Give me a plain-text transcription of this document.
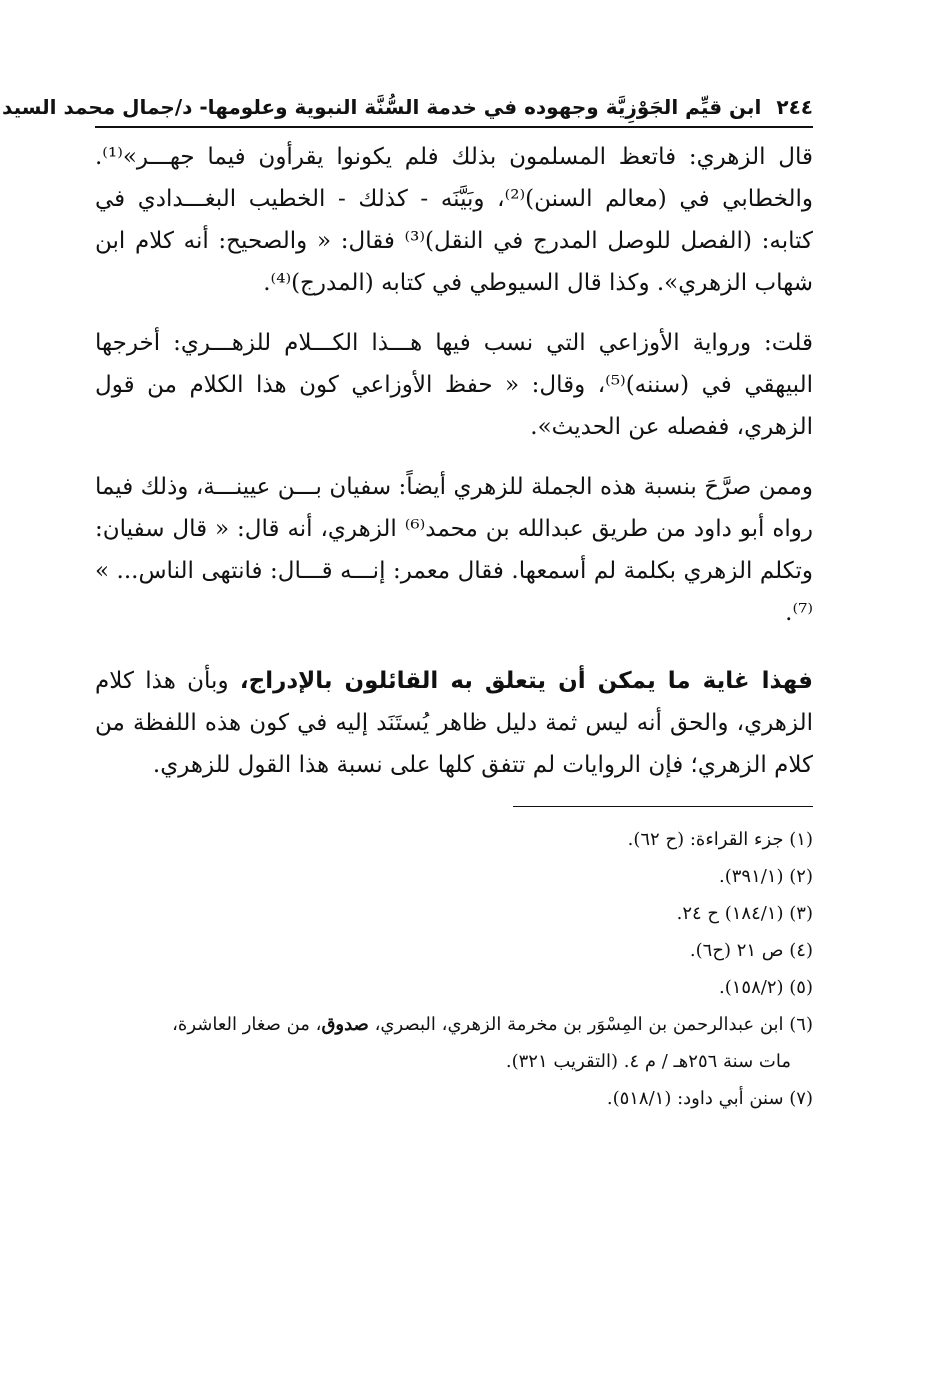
٢٤٤ ابن قيِّم الجَوْزِيَّة وجهوده في خدمة السُّنَّة النبوية وعلومها- د/جمال محمد السيد

قال الزهري: فاتعظ المسلمون بذلك فلم يكونوا يقرأون فيما جهـــر»⁽¹⁾. والخطابي في (معالم السنن)⁽²⁾، وبَيَّنَه - كذلك - الخطيب البغـــدادي في كتابه: (الفصل للوصل المدرج في النقل)⁽³⁾ فقال: « والصحيح: أنه كلام ابن شهاب الزهري». وكذا قال السيوطي في كتابه (المدرج)⁽⁴⁾.

قلت: ورواية الأوزاعي التي نسب فيها هـــذا الكـــلام للزهـــري: أخرجها البيهقي في (سننه)⁽⁵⁾، وقال: « حفظ الأوزاعي كون هذا الكلام من قول الزهري، ففصله عن الحديث».

وممن صرَّحَ بنسبة هذه الجملة للزهري أيضاً: سفيان بـــن عيينـــة، وذلك فيما رواه أبو داود من طريق عبدالله بن محمد⁽⁶⁾ الزهري، أنه قال: « قال سفيان: وتكلم الزهري بكلمة لم أسمعها. فقال معمر: إنـــه قـــال: فانتهى الناس... » ⁽⁷⁾.

فهذا غاية ما يمكن أن يتعلق به القائلون بالإدراج، وبأن هذا كلام الزهري، والحق أنه ليس ثمة دليل ظاهر يُستَنَد إليه في كون هذه اللفظة من كلام الزهري؛ فإن الروايات لم تتفق كلها على نسبة هذا القول للزهري.

(١) جزء القراءة: (ح ٦٢).

(٢) (٣٩١/١).

(٣) (١٨٤/١) ح ٢٤.

(٤) ص ٢١ (ح٦).

(٥) (١٥٨/٢).

(٦) ابن عبدالرحمن بن المِسْوَر بن مخرمة الزهري، البصري، صدوق، من صغار العاشرة،
مات سنة ٢٥٦هـ / م ٤. (التقريب ٣٢١).

(٧) سنن أبي داود: (٥١٨/١).
